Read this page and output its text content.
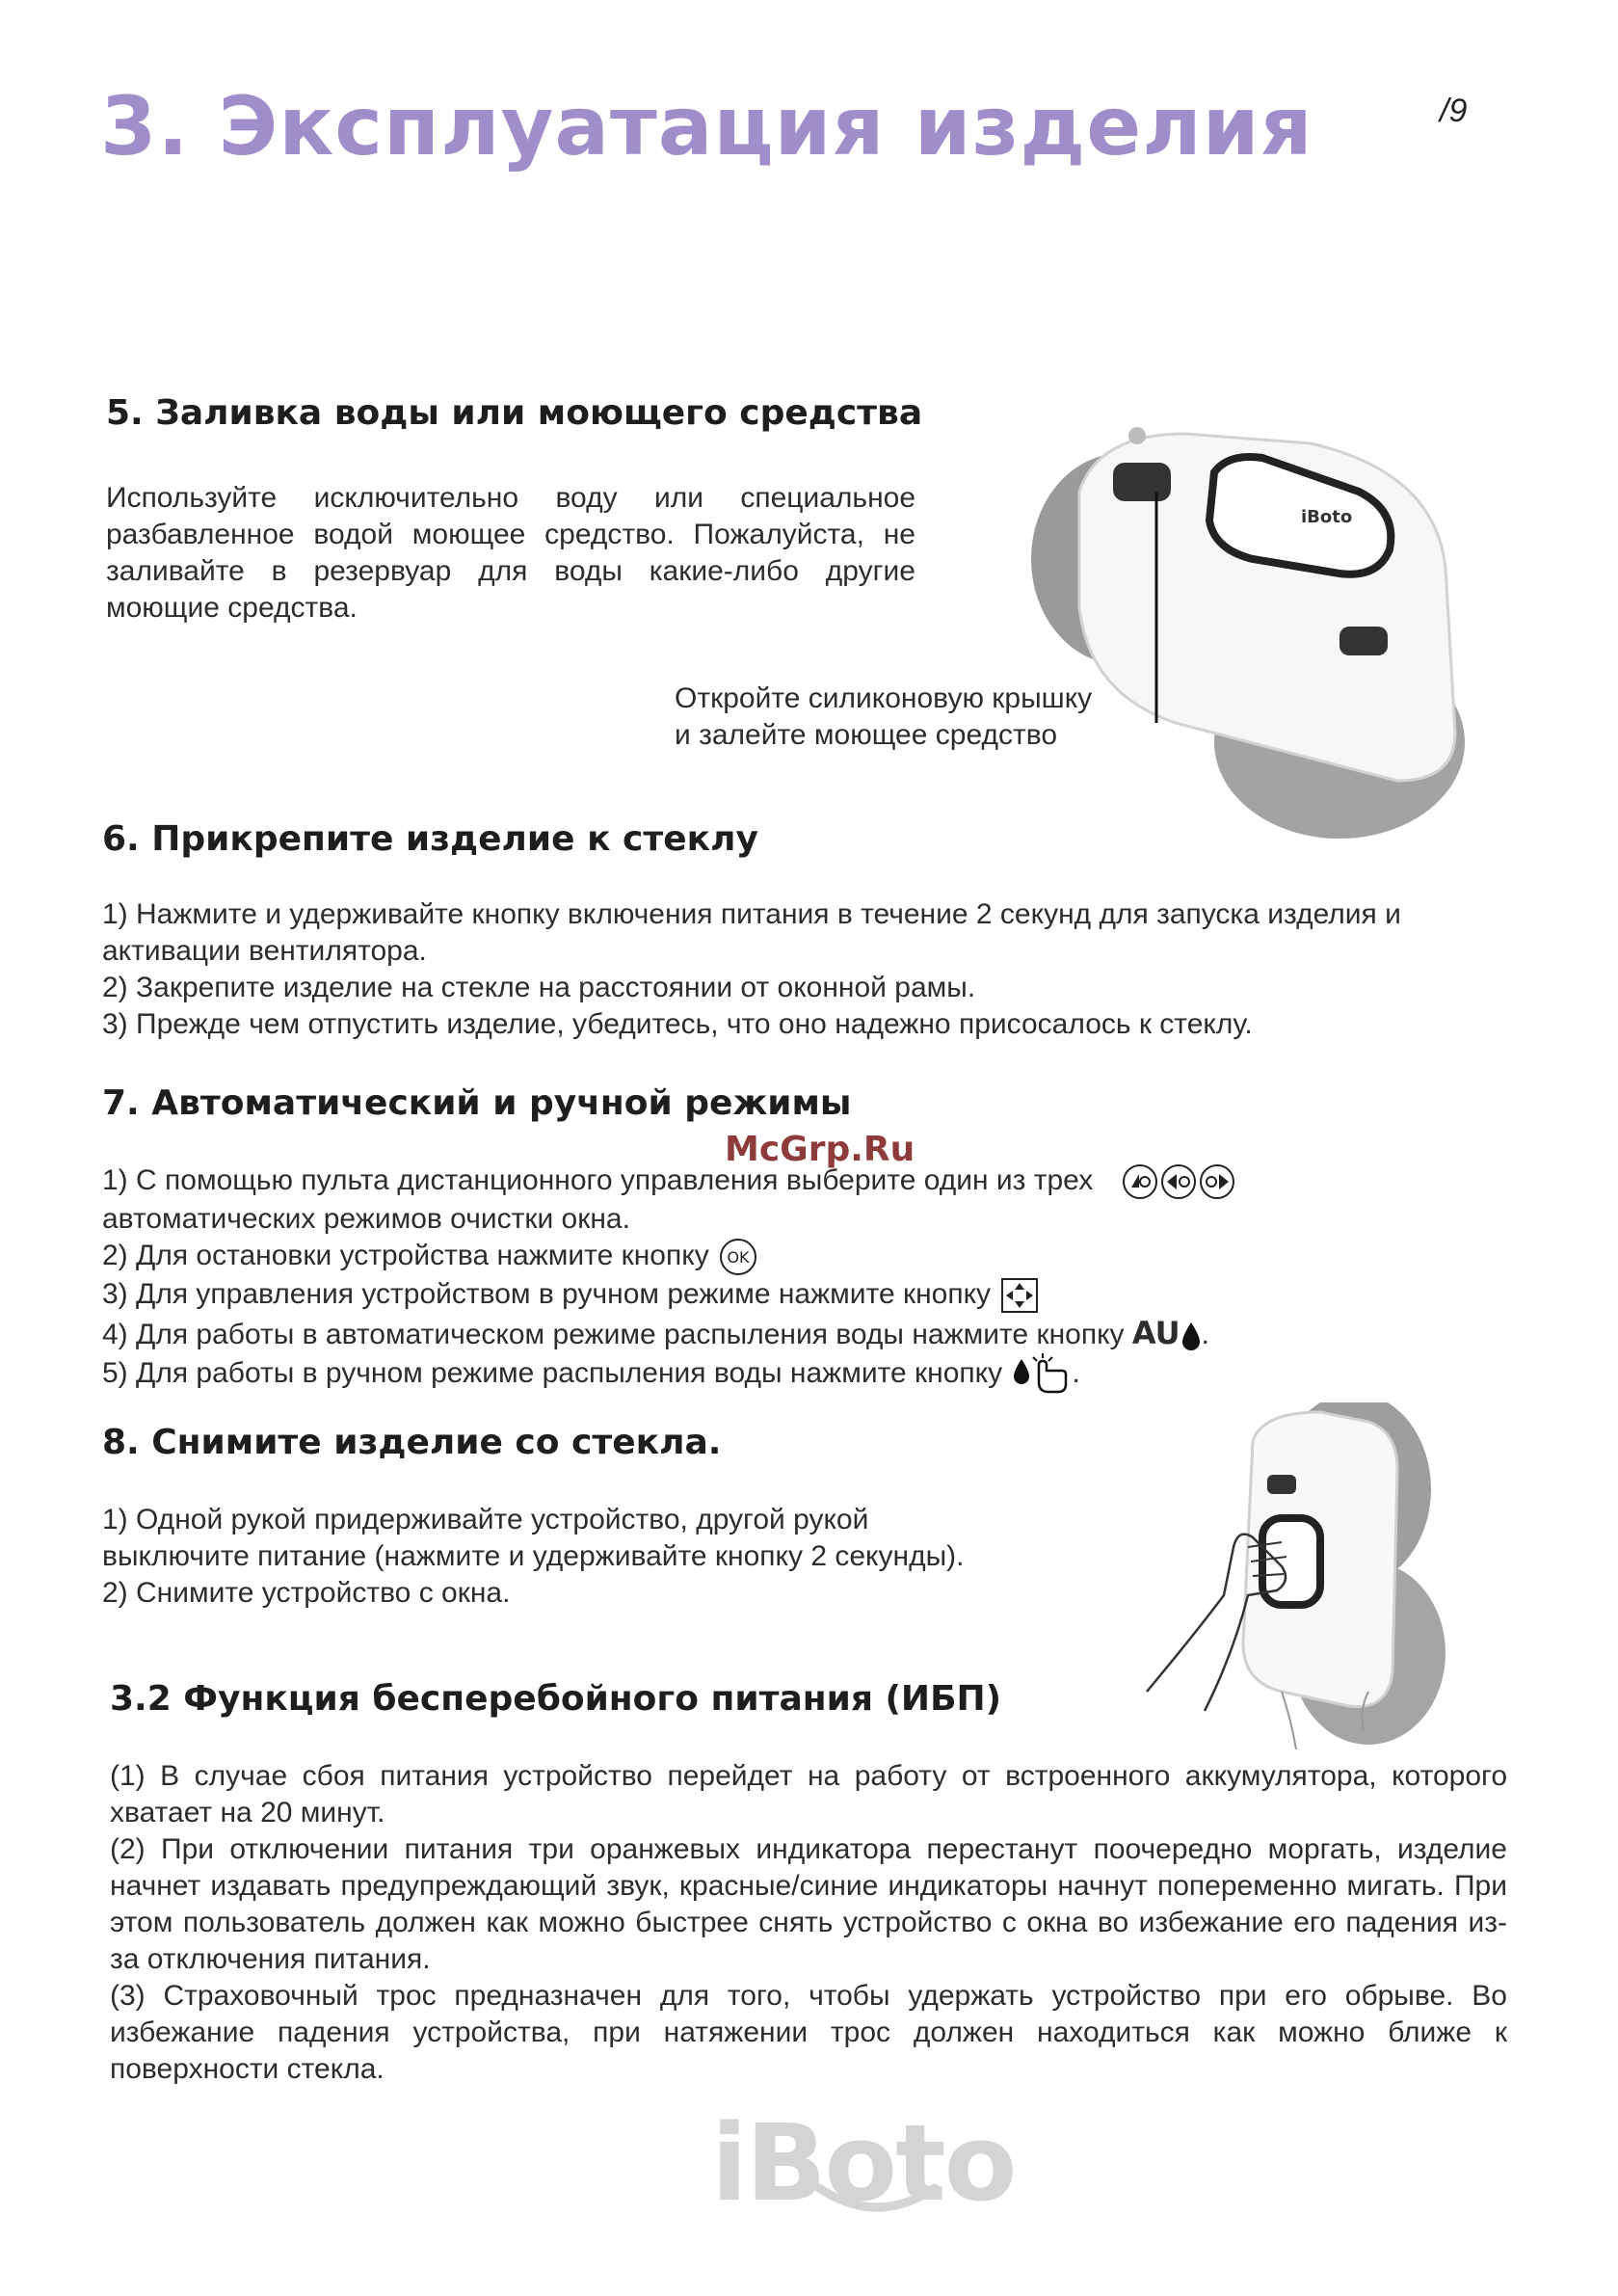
3. Эксплуатация изделия	/9
5. Заливка воды или моющего средства

Используйте исключительно воду или специальное разбавленное водой моющее средство. Пожалуйста, не заливайте в резервуар для воды какие-либо другие моющие средства.

iBoto
Откройте силиконовую крышку
и залейте моющее средство
6. Прикрепите изделие к стеклу

1) Нажмите и удерживайте кнопку включения питания в течение 2 секунд для запуска изделия и активации вентилятора.

2) Закрепите изделие на стекле на расстоянии от оконной рамы.

3) Прежде чем отпустить изделие, убедитесь, что оно надежно присосалось к стеклу.

7. Автоматический и ручной режимы
McGrp.Ru

1) С помощью пульта дистанционного управления выберите один из трех

автоматических режимов очистки окна.

2) Для остановки устройства нажмите кнопку OK

3) Для управления устройством в ручном режиме нажмите кнопку

4) Для работы в автоматическом режиме распыления воды нажмите кнопку AU .

5) Для работы в ручном режиме распыления воды нажмите кнопку .

8. Снимите изделие со стекла.

1) Одной рукой придерживайте устройство, другой рукой

выключите питание (нажмите и удерживайте кнопку 2 секунды).

2) Снимите устройство с окна.

3.2 Функция бесперебойного питания (ИБП)

(1) В случае сбоя питания устройство перейдет на работу от встроенного аккумулятора, которого хватает на 20 минут.

(2) При отключении питания три оранжевых индикатора перестанут поочередно моргать, изделие начнет издавать предупреждающий звук, красные/синие индикаторы начнут попеременно мигать. При этом пользователь должен как можно быстрее снять устройство с окна во избежание его падения из-за отключения питания.

(3) Страховочный трос предназначен для того, чтобы удержать устройство при его обрыве. Во избежание падения устройства, при натяжении трос должен находиться как можно ближе к поверхности стекла.

iBoto
